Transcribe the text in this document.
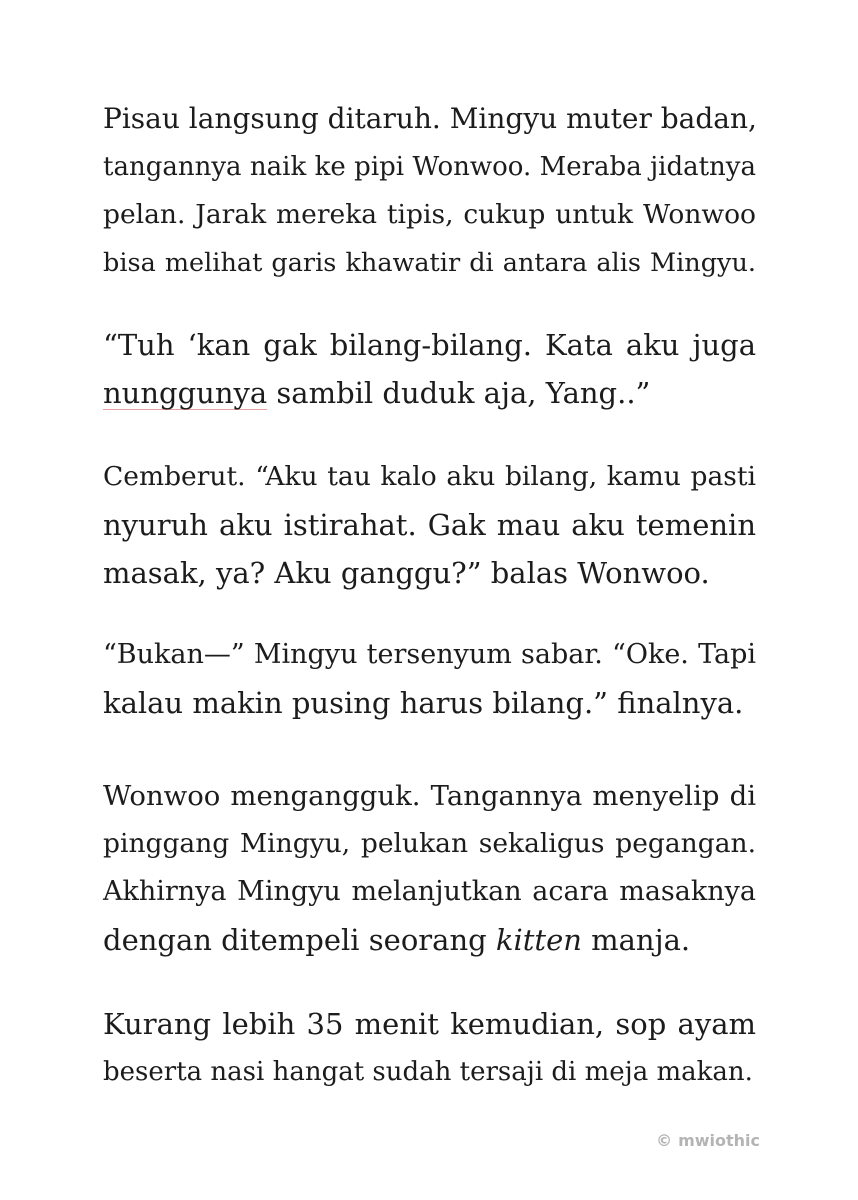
Pisau langsung ditaruh. Mingyu muter badan,
tangannya naik ke pipi Wonwoo. Meraba jidatnya
pelan. Jarak mereka tipis, cukup untuk Wonwoo
bisa melihat garis khawatir di antara alis Mingyu.
“Tuh ‘kan gak bilang-bilang. Kata aku juga
nunggunya sambil duduk aja, Yang..”
Cemberut. “Aku tau kalo aku bilang, kamu pasti
nyuruh aku istirahat. Gak mau aku temenin
masak, ya? Aku ganggu?” balas Wonwoo.
“Bukan—” Mingyu tersenyum sabar. “Oke. Tapi
kalau makin pusing harus bilang.” finalnya.
Wonwoo mengangguk. Tangannya menyelip di
pinggang Mingyu, pelukan sekaligus pegangan.
Akhirnya Mingyu melanjutkan acara masaknya
dengan ditempeli seorang kitten manja.
Kurang lebih 35 menit kemudian, sop ayam
beserta nasi hangat sudah tersaji di meja makan.
© mwiothic
